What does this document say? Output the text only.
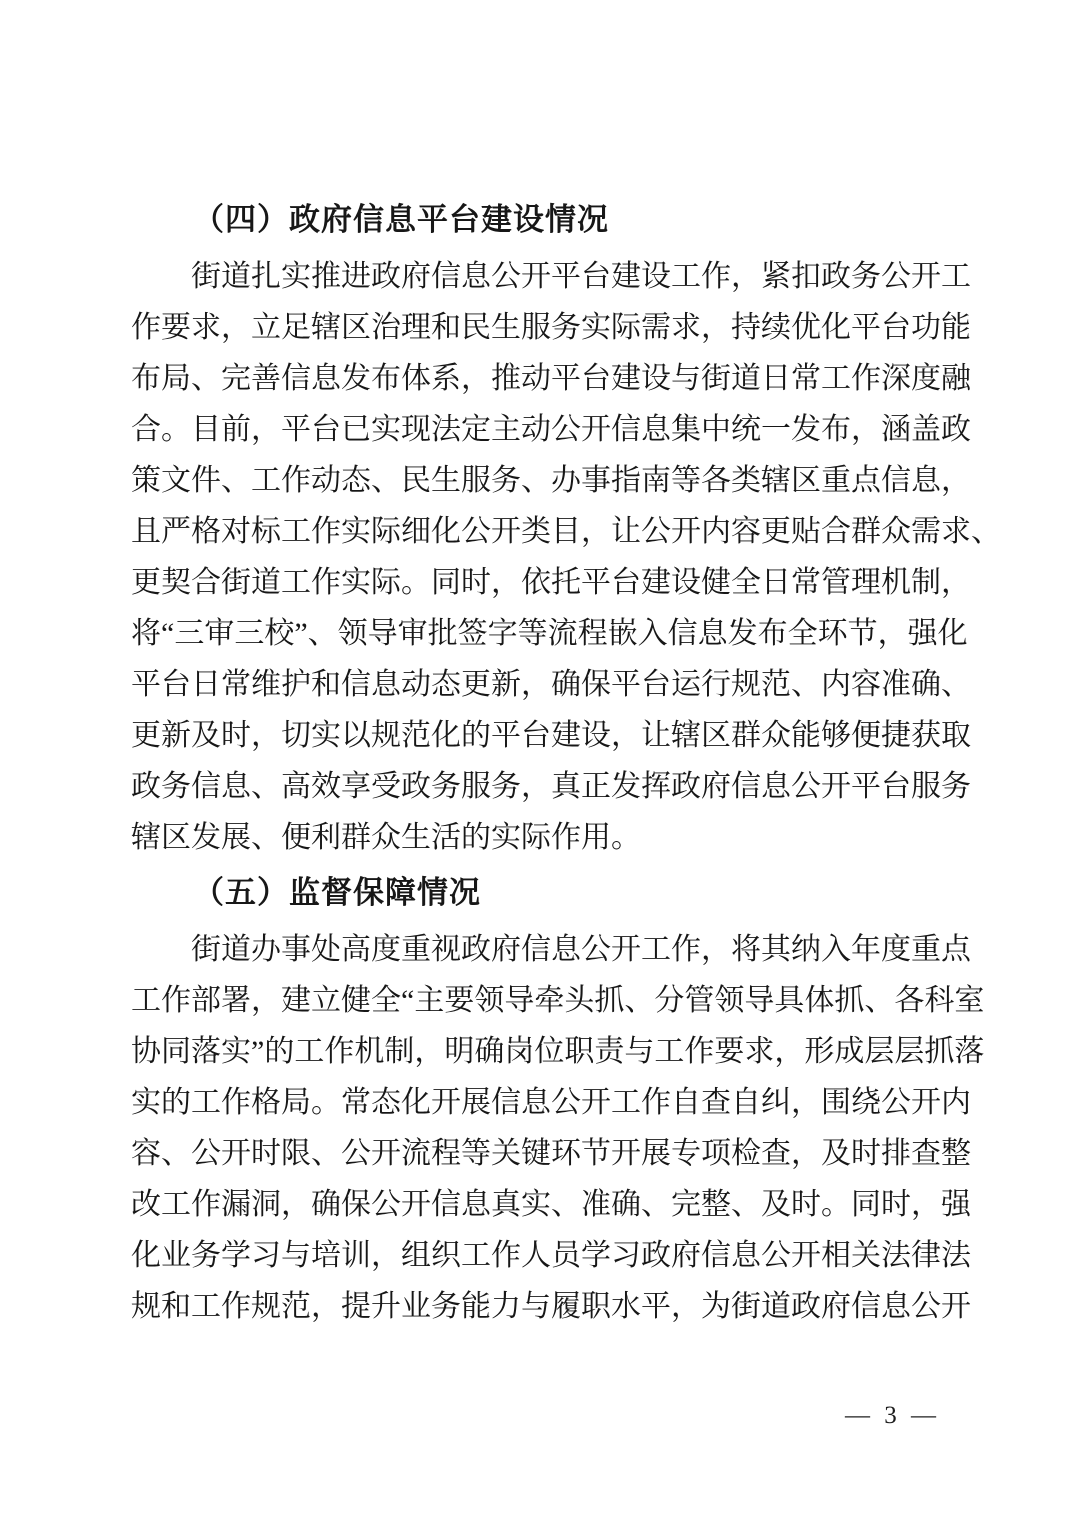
（四）政府信息平台建设情况
街道扎实推进政府信息公开平台建设工作，紧扣政务公开工
作要求，立足辖区治理和民生服务实际需求，持续优化平台功能
布局、完善信息发布体系，推动平台建设与街道日常工作深度融
合。目前，平台已实现法定主动公开信息集中统一发布，涵盖政
策文件、工作动态、民生服务、办事指南等各类辖区重点信息，
且严格对标工作实际细化公开类目，让公开内容更贴合群众需求、
更契合街道工作实际。同时，依托平台建设健全日常管理机制，
将“三审三校”、领导审批签字等流程嵌入信息发布全环节，强化
平台日常维护和信息动态更新，确保平台运行规范、内容准确、
更新及时，切实以规范化的平台建设，让辖区群众能够便捷获取
政务信息、高效享受政务服务，真正发挥政府信息公开平台服务
辖区发展、便利群众生活的实际作用。
（五）监督保障情况
街道办事处高度重视政府信息公开工作，将其纳入年度重点
工作部署，建立健全“主要领导牵头抓、分管领导具体抓、各科室
协同落实”的工作机制，明确岗位职责与工作要求，形成层层抓落
实的工作格局。常态化开展信息公开工作自查自纠，围绕公开内
容、公开时限、公开流程等关键环节开展专项检查，及时排查整
改工作漏洞，确保公开信息真实、准确、完整、及时。同时，强
化业务学习与培训，组织工作人员学习政府信息公开相关法律法
规和工作规范，提升业务能力与履职水平，为街道政府信息公开
— 3 —
